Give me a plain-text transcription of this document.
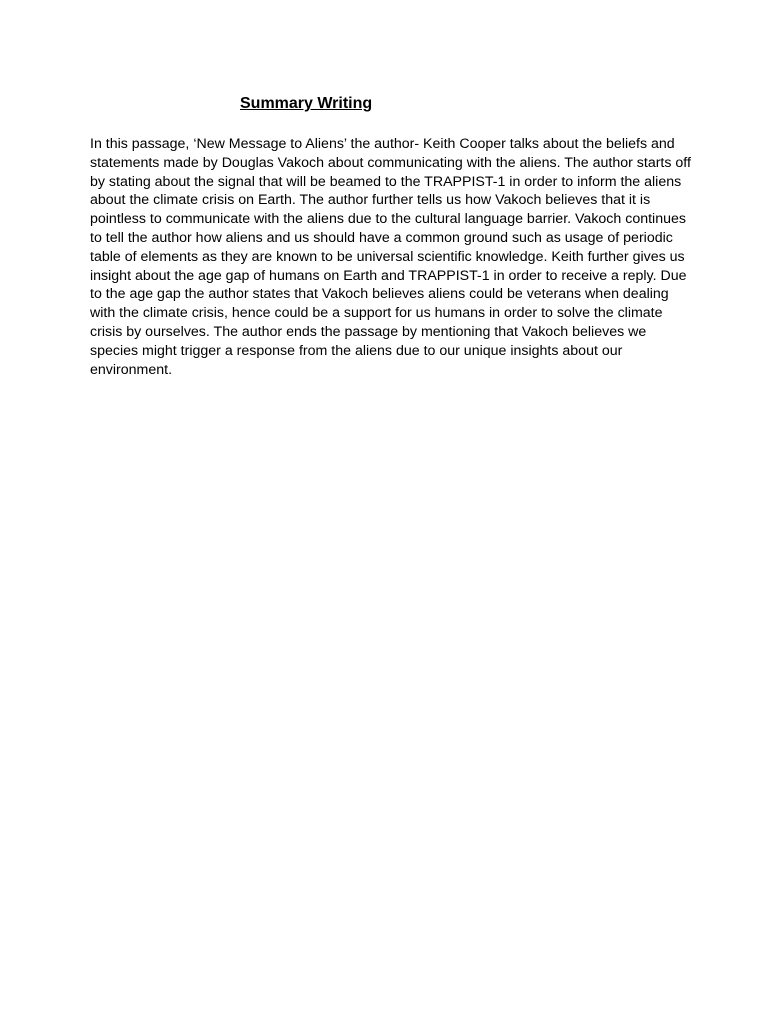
Summary Writing

In this passage, ‘New Message to Aliens’ the author- Keith Cooper talks about the beliefs and
statements made by Douglas Vakoch about communicating with the aliens. The author starts off
by stating about the signal that will be beamed to the TRAPPIST-1 in order to inform the aliens
about the climate crisis on Earth. The author further tells us how Vakoch believes that it is
pointless to communicate with the aliens due to the cultural language barrier. Vakoch continues
to tell the author how aliens and us should have a common ground such as usage of periodic
table of elements as they are known to be universal scientific knowledge. Keith further gives us
insight about the age gap of humans on Earth and TRAPPIST-1 in order to receive a reply. Due
to the age gap the author states that Vakoch believes aliens could be veterans when dealing
with the climate crisis, hence could be a support for us humans in order to solve the climate
crisis by ourselves. The author ends the passage by mentioning that Vakoch believes we
species might trigger a response from the aliens due to our unique insights about our
environment.
